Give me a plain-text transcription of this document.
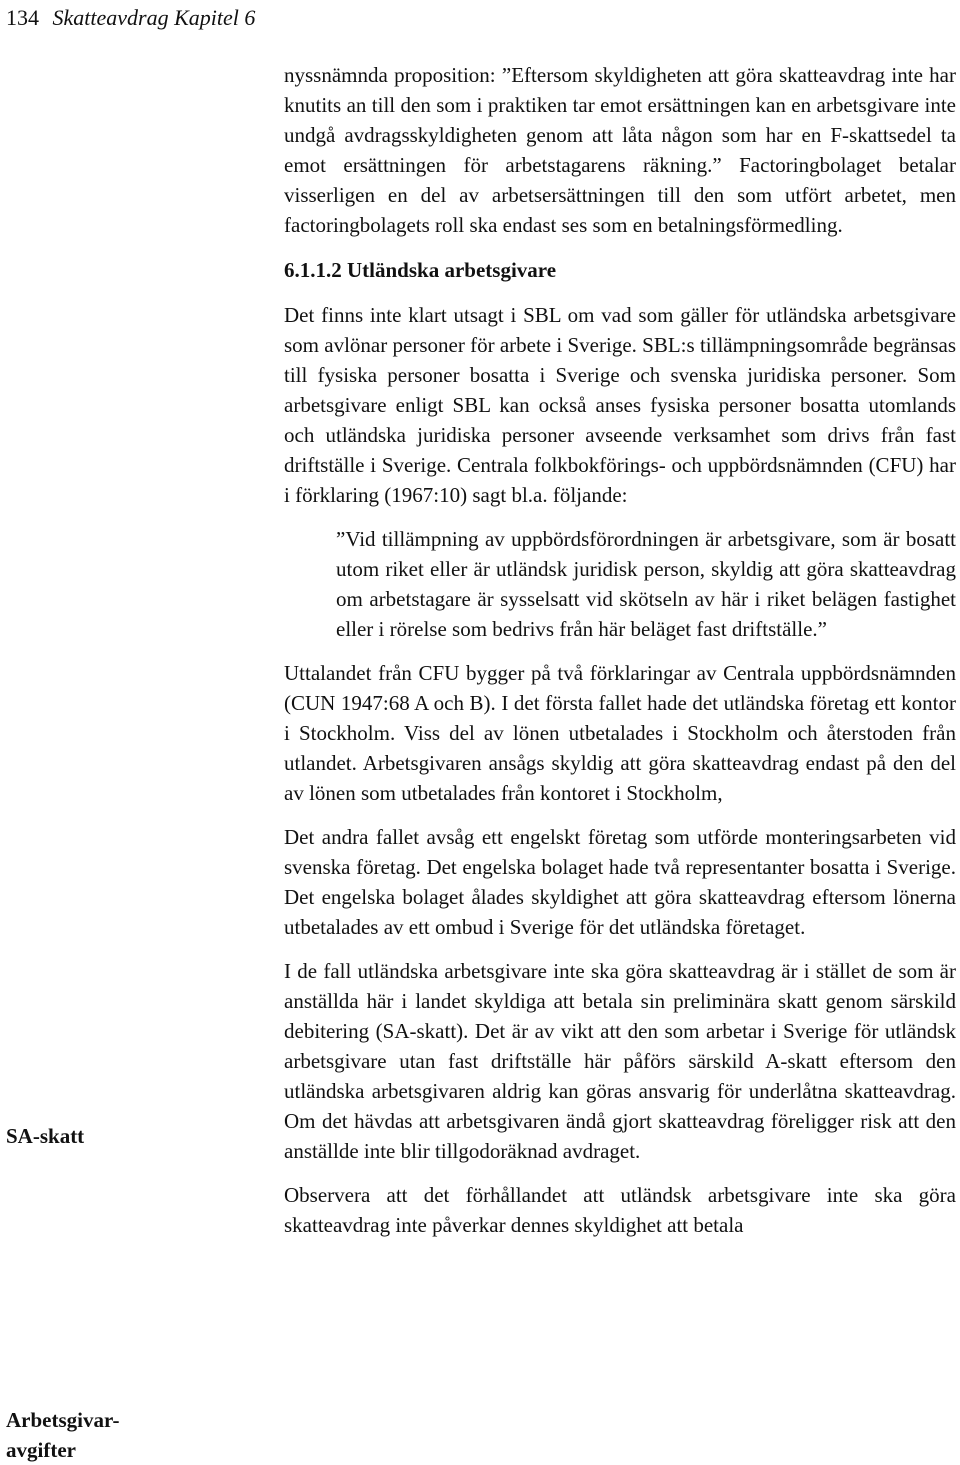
134 Skatteavdrag Kapitel 6
SA-skatt
Arbetsgivar-
avgifter

nyssnämnda proposition: ”Eftersom skyldigheten att göra skatteavdrag inte har knutits an till den som i praktiken tar emot ersättningen kan en arbetsgivare inte undgå avdragsskyldigheten genom att låta någon som har en F-skattsedel ta emot ersättningen för arbetstagarens räkning.” Factoringbolaget betalar visserligen en del av arbetsersättningen till den som utfört arbetet, men factoringbolagets roll ska endast ses som en betalningsförmedling.

6.1.1.2 Utländska arbetsgivare

Det finns inte klart utsagt i SBL om vad som gäller för utländska arbetsgivare som avlönar personer för arbete i Sverige. SBL:s tillämpningsområde begränsas till fysiska personer bosatta i Sverige och svenska juridiska personer. Som arbetsgivare enligt SBL kan också anses fysiska personer bosatta utomlands och utländska juridiska personer avseende verksamhet som drivs från fast driftställe i Sverige. Centrala folkbokförings- och uppbördsnämnden (CFU) har i förklaring (1967:10) sagt bl.a. följande:

”Vid tillämpning av uppbördsförordningen är arbetsgivare, som är bosatt utom riket eller är utländsk juridisk person, skyldig att göra skatteavdrag om arbetstagare är sysselsatt vid skötseln av här i riket belägen fastighet eller i rörelse som bedrivs från här beläget fast driftställe.”

Uttalandet från CFU bygger på två förklaringar av Centrala uppbördsnämnden (CUN 1947:68 A och B). I det första fallet hade det utländska företag ett kontor i Stockholm. Viss del av lönen utbetalades i Stockholm och återstoden från utlandet. Arbetsgivaren ansågs skyldig att göra skatteavdrag endast på den del av lönen som utbetalades från kontoret i Stockholm,

Det andra fallet avsåg ett engelskt företag som utförde monteringsarbeten vid svenska företag. Det engelska bolaget hade två representanter bosatta i Sverige. Det engelska bolaget ålades skyldighet att göra skatteavdrag eftersom lönerna utbetalades av ett ombud i Sverige för det utländska företaget.

I de fall utländska arbetsgivare inte ska göra skatteavdrag är i stället de som är anställda här i landet skyldiga att betala sin preliminära skatt genom särskild debitering (SA-skatt). Det är av vikt att den som arbetar i Sverige för utländsk arbetsgivare utan fast driftställe här påförs särskild A-skatt eftersom den utländska arbetsgivaren aldrig kan göras ansvarig för underlåtna skatteavdrag. Om det hävdas att arbetsgivaren ändå gjort skatteavdrag föreligger risk att den anställde inte blir tillgodoräknad avdraget.

Observera att det förhållandet att utländsk arbetsgivare inte ska göra skatteavdrag inte påverkar dennes skyldighet att betala
